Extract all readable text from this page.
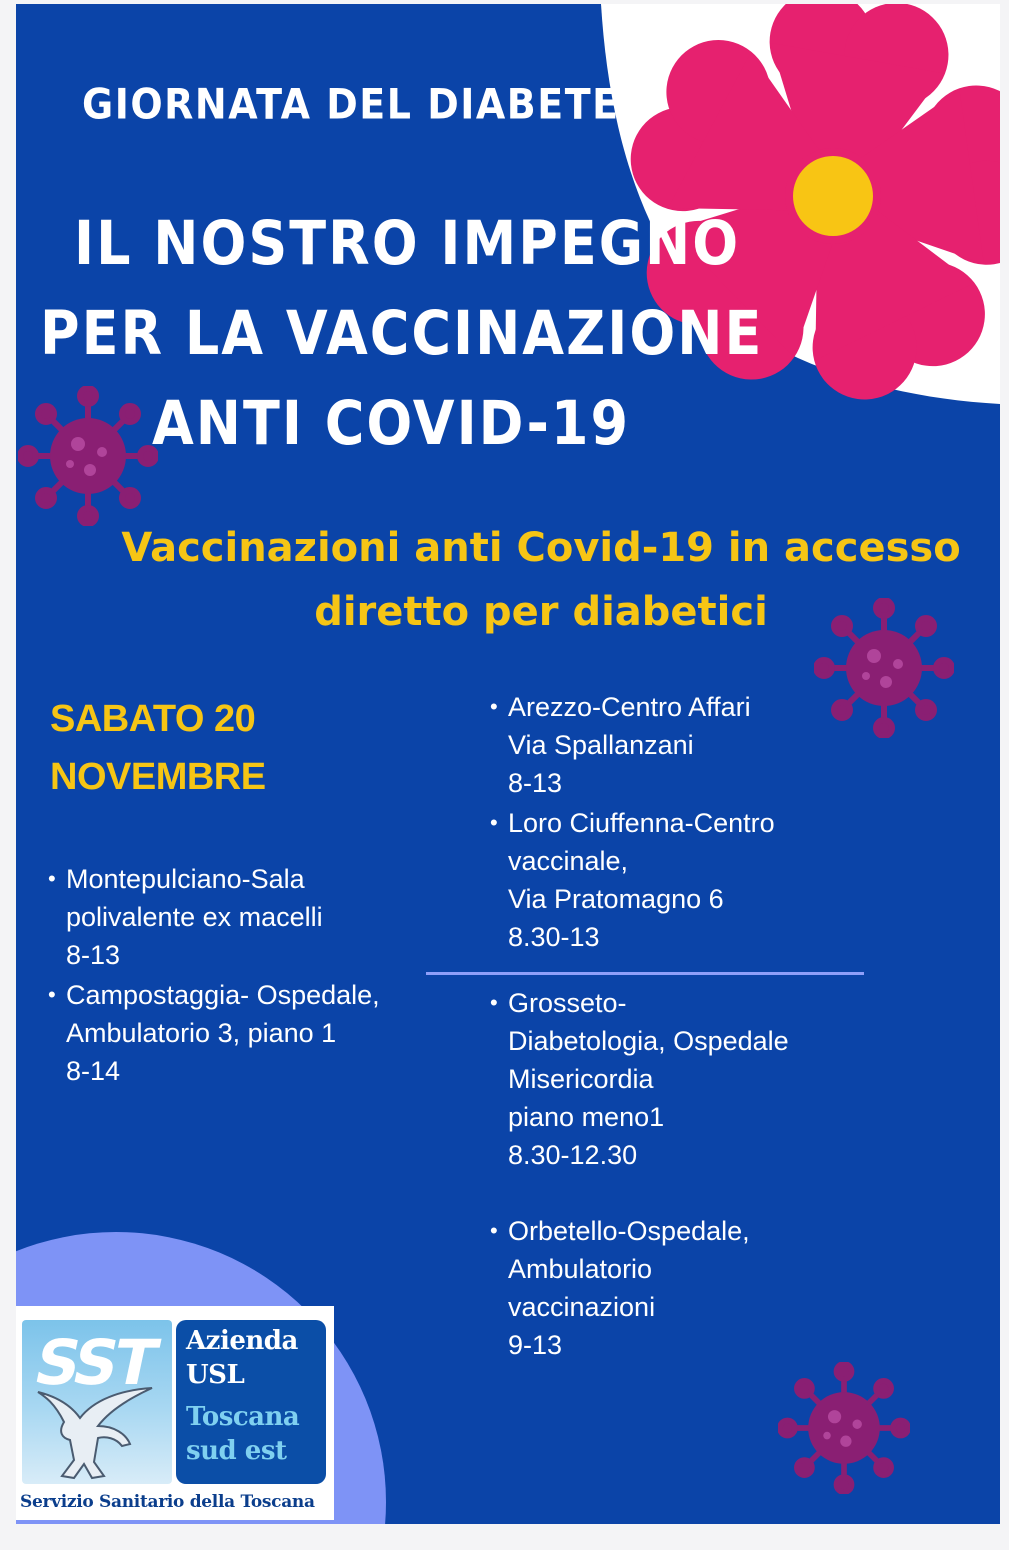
GIORNATA DEL DIABETE
IL NOSTRO IMPEGNO
PER LA VACCINAZIONE
ANTI COVID-19
Vaccinazioni anti Covid-19 in accesso
diretto per diabetici
SABATO 20
NOVEMBRE
• Montepulciano-Sala
polivalente ex macelli
8-13
• Campostaggia- Ospedale,
Ambulatorio 3, piano 1
8-14
• Arezzo-Centro Affari
Via Spallanzani
8-13
• Loro Ciuffenna-Centro
vaccinale,
Via Pratomagno 6
8.30-13
• Grosseto-
Diabetologia, Ospedale
Misericordia
piano meno1
8.30-12.30
• Orbetello-Ospedale,
Ambulatorio
vaccinazioni
9-13
SST Azienda
USL
Toscana
sud est
Servizio Sanitario della Toscana
